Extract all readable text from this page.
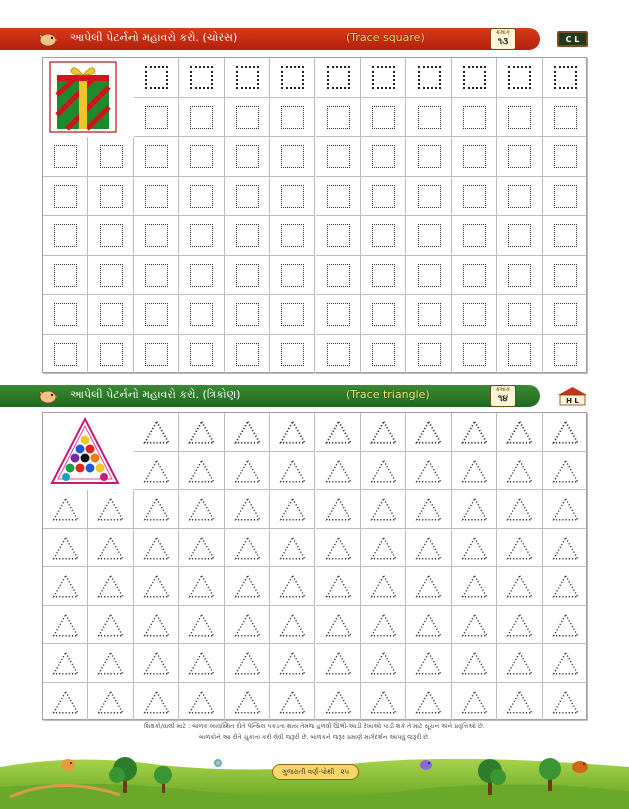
આપેલી પેટર્નનો મહાવરો કરો. (ચોરસ)	(Trace square)	ક્રમાંક
૧૩	C L
આપેલી પેટર્નનો મહાવરો કરો. (ત્રિકોણ)	(Trace triangle)	ક્રમાંક
૧૪	H L
શિક્ષકો/વાલી માટે : બાળક વ્યવસ્થિત રીતે પેન્સિલ પકડતા થાય તેમજ હળવી ઊભી-આડી રેખાઓ પાડી શકે તે માટે સૂચન અને પ્રવૃત્તિઓ છે.
બાળકોને આ રીતે ચુકાતાં કરી લેવી જરૂરી છે. બાળકને જરૂર પ્રમાણે માર્ગદર્શન આપવું જરૂરી છે.
ગુજરાતી વર્ણ-પોથી ૨૫
